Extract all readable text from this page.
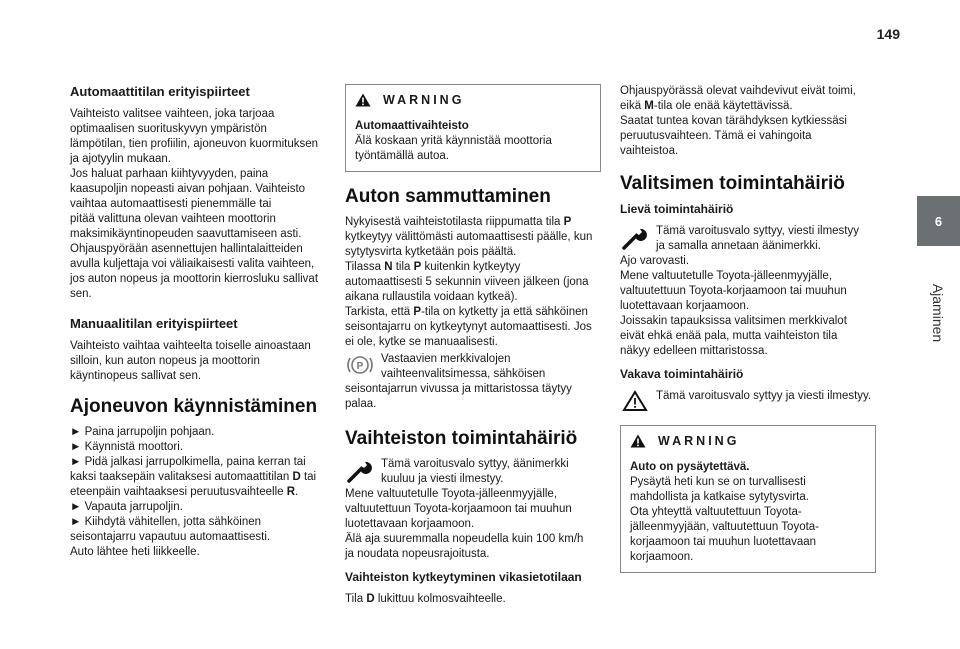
149
6
Ajaminen
Automaattitilan erityispiirteet
Vaihteisto valitsee vaihteen, joka tarjoaa
optimaalisen suorituskyvyn ympäristön
lämpötilan, tien profiilin, ajoneuvon kuormituksen
ja ajotyylin mukaan.
Jos haluat parhaan kiihtyvyyden, paina
kaasupoljin nopeasti aivan pohjaan. Vaihteisto
vaihtaa automaattisesti pienemmälle tai
pitää valittuna olevan vaihteen moottorin
maksimikäyntinopeuden saavuttamiseen asti.
Ohjauspyörään asennettujen hallintalaitteiden
avulla kuljettaja voi väliaikaisesti valita vaihteen,
jos auton nopeus ja moottorin kierrosluku sallivat
sen.
Manuaalitilan erityispiirteet
Vaihteisto vaihtaa vaihteelta toiselle ainoastaan
silloin, kun auton nopeus ja moottorin
käyntinopeus sallivat sen.
Ajoneuvon käynnistäminen
► Paina jarrupoljin pohjaan.
► Käynnistä moottori.
► Pidä jalkasi jarrupolkimella, paina kerran tai
kaksi taaksepäin valitaksesi automaattitilan D tai
eteenpäin vaihtaaksesi peruutusvaihteelle R.
► Vapauta jarrupoljin.
► Kiihdytä vähitellen, jotta sähköinen
seisontajarru vapautuu automaattisesti.
Auto lähtee heti liikkeelle.
WARNING
Automaattivaihteisto
Älä koskaan yritä käynnistää moottoria
työntämällä autoa.
Auton sammuttaminen
Nykyisestä vaihteistotilasta riippumatta tila P
kytkeytyy välittömästi automaattisesti päälle, kun
sytytysvirta kytketään pois päältä.
Tilassa N tila P kuitenkin kytkeytyy
automaattisesti 5 sekunnin viiveen jälkeen (jona
aikana rullaustila voidaan kytkeä).
Tarkista, että P-tila on kytketty ja että sähköinen
seisontajarru on kytkeytynyt automaattisesti. Jos
ei ole, kytke se manuaalisesti.
P
Vastaavien merkkivalojen
vaihteenvalitsimessa, sähköisen
seisontajarrun vivussa ja mittaristossa täytyy
palaa.
Vaihteiston toimintahäiriö
Tämä varoitusvalo syttyy, äänimerkki
kuuluu ja viesti ilmestyy.
Mene valtuutetulle Toyota-jälleenmyyjälle,
valtuutettuun Toyota-korjaamoon tai muuhun
luotettavaan korjaamoon.
Älä aja suuremmalla nopeudella kuin 100 km/h
ja noudata nopeusrajoitusta.
Vaihteiston kytkeytyminen vikasietotilaan
Tila D lukittuu kolmosvaihteelle.
Ohjauspyörässä olevat vaihdevivut eivät toimi,
eikä M-tila ole enää käytettävissä.
Saatat tuntea kovan tärähdyksen kytkiessäsi
peruutusvaihteen. Tämä ei vahingoita
vaihteistoa.
Valitsimen toimintahäiriö
Lievä toimintahäiriö
Tämä varoitusvalo syttyy, viesti ilmestyy
ja samalla annetaan äänimerkki.
Ajo varovasti.
Mene valtuutetulle Toyota-jälleenmyyjälle,
valtuutettuun Toyota-korjaamoon tai muuhun
luotettavaan korjaamoon.
Joissakin tapauksissa valitsimen merkkivalot
eivät ehkä enää pala, mutta vaihteiston tila
näkyy edelleen mittaristossa.
Vakava toimintahäiriö
Tämä varoitusvalo syttyy ja viesti ilmestyy.
WARNING
Auto on pysäytettävä.
Pysäytä heti kun se on turvallisesti
mahdollista ja katkaise sytytysvirta.
Ota yhteyttä valtuutettuun Toyota-
jälleenmyyjään, valtuutettuun Toyota-
korjaamoon tai muuhun luotettavaan
korjaamoon.
